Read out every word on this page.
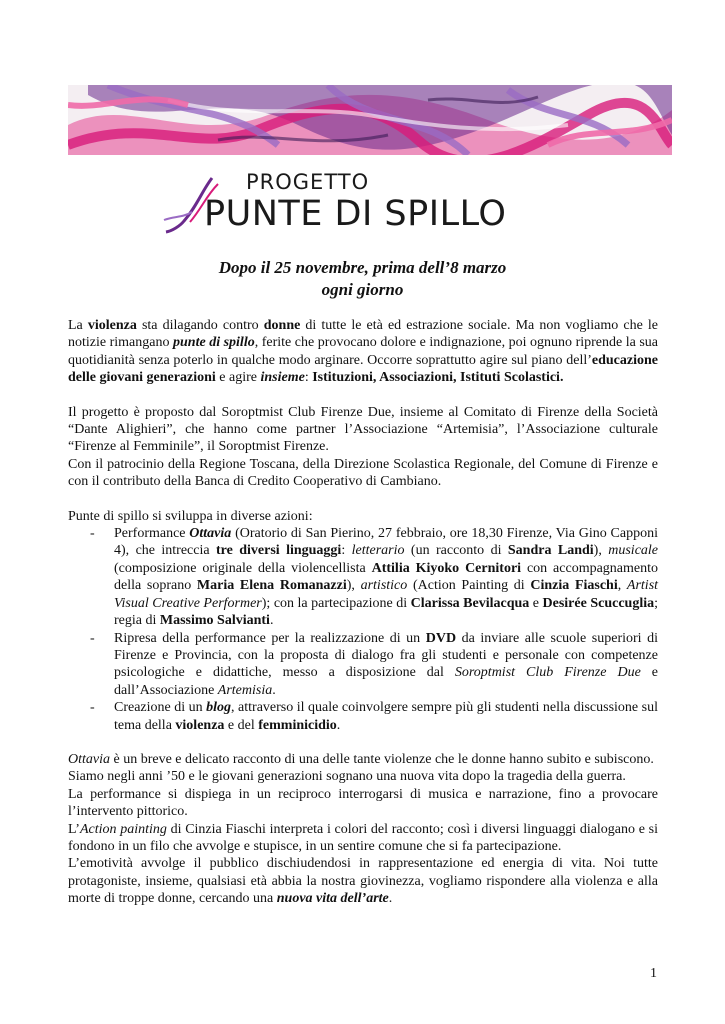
PROGETTO
PUNTE DI SPILLO
Dopo il 25 novembre, prima dell’8 marzo
ogni giorno

La violenza sta dilagando contro donne di tutte le età ed estrazione sociale. Ma non vogliamo che le notizie rimangano punte di spillo, ferite che provocano dolore e indignazione, poi ognuno riprende la sua quotidianità senza poterlo in qualche modo arginare. Occorre soprattutto agire sul piano dell’educazione delle giovani generazioni e agire insieme: Istituzioni, Associazioni, Istituti Scolastici.

Il progetto è proposto dal Soroptmist Club Firenze Due, insieme al Comitato di Firenze della Società “Dante Alighieri”, che hanno come partner l’Associazione “Artemisia”, l’Associazione culturale “Firenze al Femminile”, il Soroptmist Firenze.

Con il patrocinio della Regione Toscana, della Direzione Scolastica Regionale, del Comune di Firenze e con il contributo della Banca di Credito Cooperativo di Cambiano.

Punte di spillo si sviluppa in diverse azioni:

- Performance Ottavia (Oratorio di San Pierino, 27 febbraio, ore 18,30 Firenze, Via Gino Capponi 4), che intreccia tre diversi linguaggi: letterario (un racconto di Sandra Landi), musicale (composizione originale della violencellista Attilia Kiyoko Cernitori con accompagnamento della soprano Maria Elena Romanazzi), artistico (Action Painting di Cinzia Fiaschi, Artist Visual Creative Performer); con la partecipazione di Clarissa Bevilacqua e Desirée Scuccuglia; regia di Massimo Salvianti.
- Ripresa della performance per la realizzazione di un DVD da inviare alle scuole superiori di Firenze e Provincia, con la proposta di dialogo fra gli studenti e personale con competenze psicologiche e didattiche, messo a disposizione dal Soroptmist Club Firenze Due e dall’Associazione Artemisia.
- Creazione di un blog, attraverso il quale coinvolgere sempre più gli studenti nella discussione sul tema della violenza e del femminicidio.

Ottavia è un breve e delicato racconto di una delle tante violenze che le donne hanno subito e subiscono.

Siamo negli anni ’50 e le giovani generazioni sognano una nuova vita dopo la tragedia della guerra.

La performance si dispiega in un reciproco interrogarsi di musica e narrazione, fino a provocare l’intervento pittorico.

L’Action painting di Cinzia Fiaschi interpreta i colori del racconto; così i diversi linguaggi dialogano e si fondono in un filo che avvolge e stupisce, in un sentire comune che si fa partecipazione.

L’emotività avvolge il pubblico dischiudendosi in rappresentazione ed energia di vita. Noi tutte protagoniste, insieme, qualsiasi età abbia la nostra giovinezza, vogliamo rispondere alla violenza e alla morte di troppe donne, cercando una nuova vita dell’arte.

1
